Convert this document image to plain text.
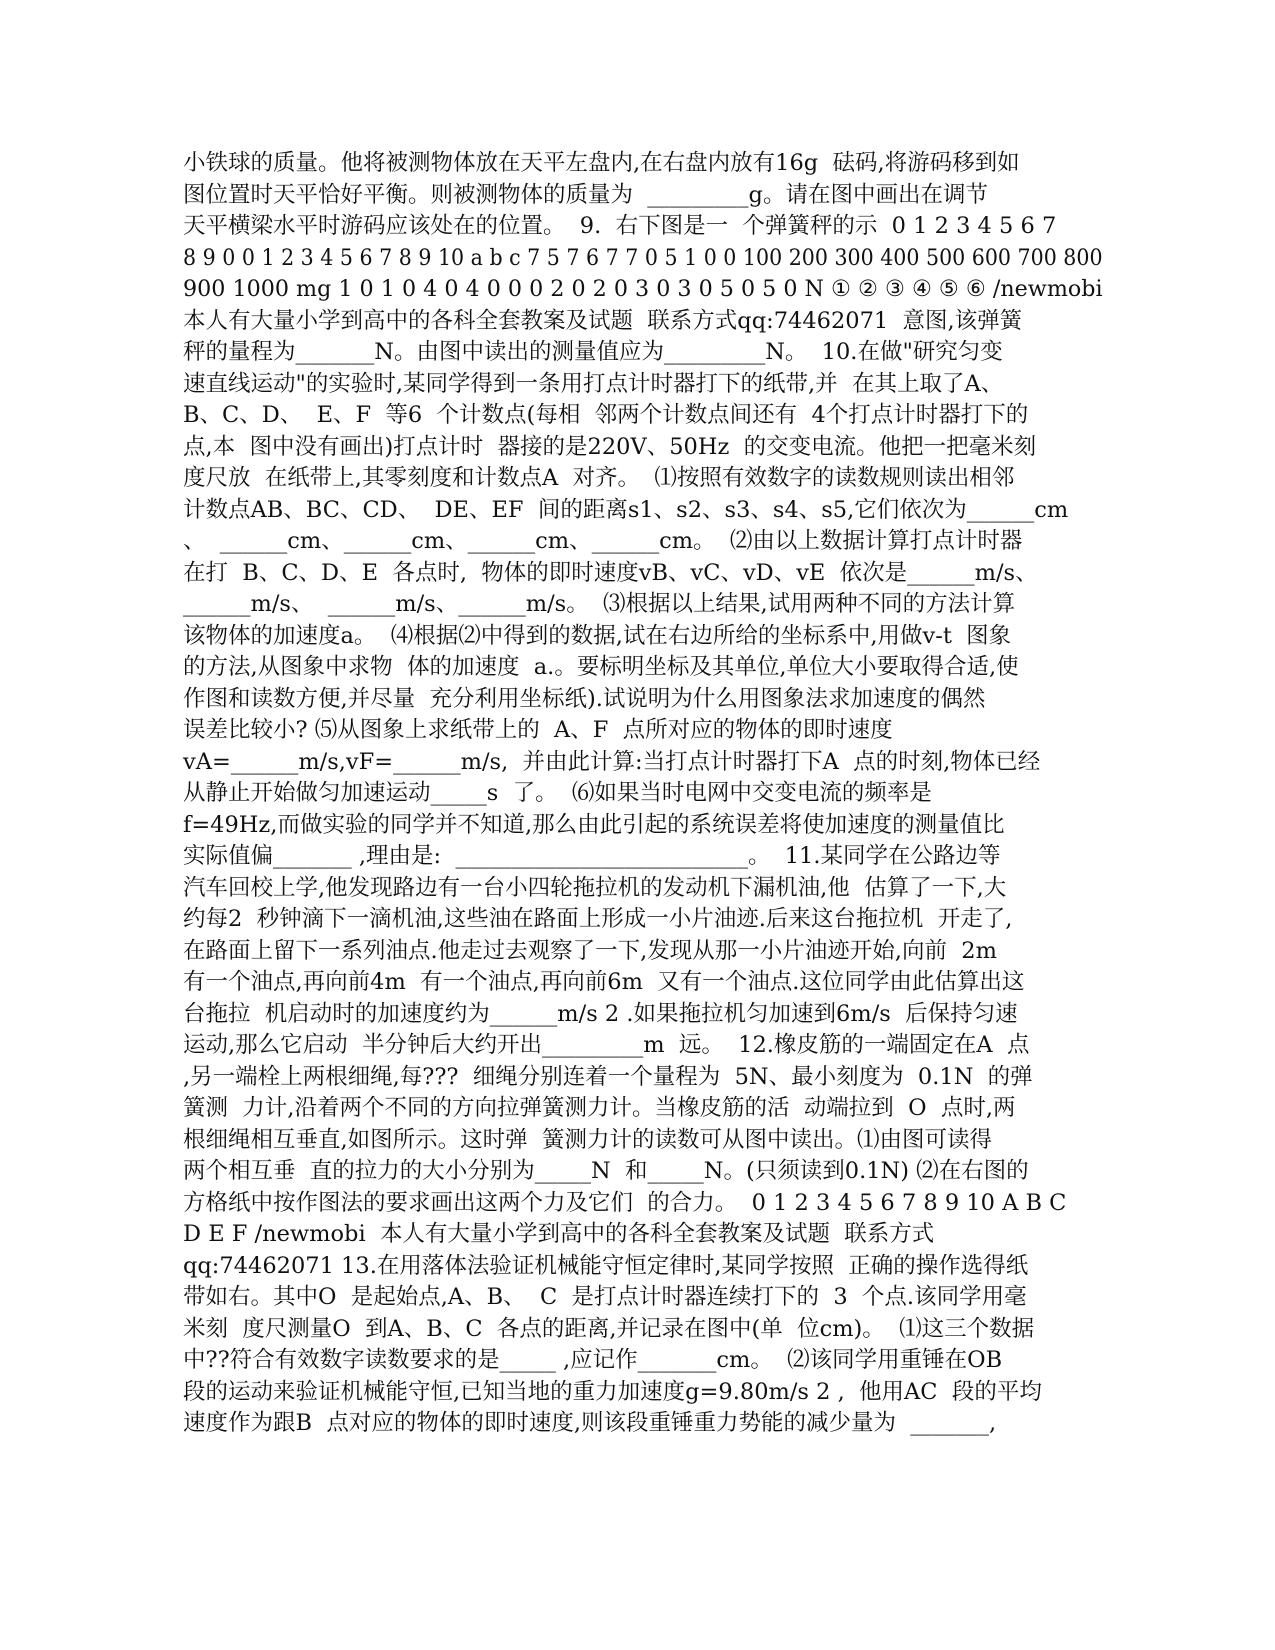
小铁球的质量。他将被测物体放在天平左盘内,在右盘内放有16g  砝码,将游码移到如
图位置时天平恰好平衡。则被测物体的质量为  _________g。请在图中画出在调节
天平横梁水平时游码应该处在的位置。  9.  右下图是一  个弹簧秤的示  0 1 2 3 4 5 6 7
8 9 0 0 1 2 3 4 5 6 7 8 9 10 a b c 7 5 7 6 7 7 0 5 1 0 0 100 200 300 400 500 600 700 800
900 1000 mg 1 0 1 0 4 0 4 0 0 0 2 0 2 0 3 0 3 0 5 0 5 0 N ① ② ③ ④ ⑤ ⑥ /newmobi
本人有大量小学到高中的各科全套教案及试题  联系方式qq:74462071  意图,该弹簧
秤的量程为_______N。由图中读出的测量值应为_________N。  10.在做"研究匀变
速直线运动"的实验时,某同学得到一条用打点计时器打下的纸带,并  在其上取了A、
B、C、D、  E、F  等6  个计数点(每相  邻两个计数点间还有  4个打点计时器打下的
点,本  图中没有画出)打点计时  器接的是220V、50Hz  的交变电流。他把一把毫米刻
度尺放  在纸带上,其零刻度和计数点A  对齐。  ⑴按照有效数字的读数规则读出相邻
计数点AB、BC、CD、  DE、EF  间的距离s1、s2、s3、s4、s5,它们依次为______cm
、  ______cm、______cm、______cm、______cm。  ⑵由以上数据计算打点计时器
在打  B、C、D、E  各点时,  物体的即时速度vB、vC、vD、vE  依次是______m/s、
______m/s、  ______m/s、______m/s。  ⑶根据以上结果,试用两种不同的方法计算
该物体的加速度a。  ⑷根据⑵中得到的数据,试在右边所给的坐标系中,用做v-t  图象
的方法,从图象中求物  体的加速度  a.。要标明坐标及其单位,单位大小要取得合适,使
作图和读数方便,并尽量  充分利用坐标纸).试说明为什么用图象法求加速度的偶然
误差比较小? ⑸从图象上求纸带上的  A、F  点所对应的物体的即时速度
vA=______m/s,vF=______m/s,  并由此计算:当打点计时器打下A  点的时刻,物体已经
从静止开始做匀加速运动_____s  了。  ⑹如果当时电网中交变电流的频率是
f=49Hz,而做实验的同学并不知道,那么由此引起的系统误差将使加速度的测量值比
实际值偏_______ ,理由是:  __________________________。  11.某同学在公路边等
汽车回校上学,他发现路边有一台小四轮拖拉机的发动机下漏机油,他  估算了一下,大
约每2  秒钟滴下一滴机油,这些油在路面上形成一小片油迹.后来这台拖拉机  开走了,
在路面上留下一系列油点.他走过去观察了一下,发现从那一小片油迹开始,向前  2m
有一个油点,再向前4m  有一个油点,再向前6m  又有一个油点.这位同学由此估算出这
台拖拉  机启动时的加速度约为______m/s 2 .如果拖拉机匀加速到6m/s  后保持匀速
运动,那么它启动  半分钟后大约开出_________m  远。  12.橡皮筋的一端固定在A  点
,另一端栓上两根细绳,每???  细绳分别连着一个量程为  5N、最小刻度为  0.1N  的弹
簧测  力计,沿着两个不同的方向拉弹簧测力计。当橡皮筋的活  动端拉到  O  点时,两
根细绳相互垂直,如图所示。这时弹  簧测力计的读数可从图中读出。⑴由图可读得
两个相互垂  直的拉力的大小分别为_____N  和_____N。(只须读到0.1N) ⑵在右图的
方格纸中按作图法的要求画出这两个力及它们  的合力。  0 1 2 3 4 5 6 7 8 9 10 A B C
D E F /newmobi  本人有大量小学到高中的各科全套教案及试题  联系方式
qq:74462071 13.在用落体法验证机械能守恒定律时,某同学按照  正确的操作选得纸
带如右。其中O  是起始点,A、B、  C  是打点计时器连续打下的  3  个点.该同学用毫
米刻  度尺测量O  到A、B、C  各点的距离,并记录在图中(单  位cm)。  ⑴这三个数据
中??符合有效数字读数要求的是_____ ,应记作_______cm。  ⑵该同学用重锤在OB
段的运动来验证机械能守恒,已知当地的重力加速度g=9.80m/s 2 ,  他用AC  段的平均
速度作为跟B  点对应的物体的即时速度,则该段重锤重力势能的减少量为  _______,
